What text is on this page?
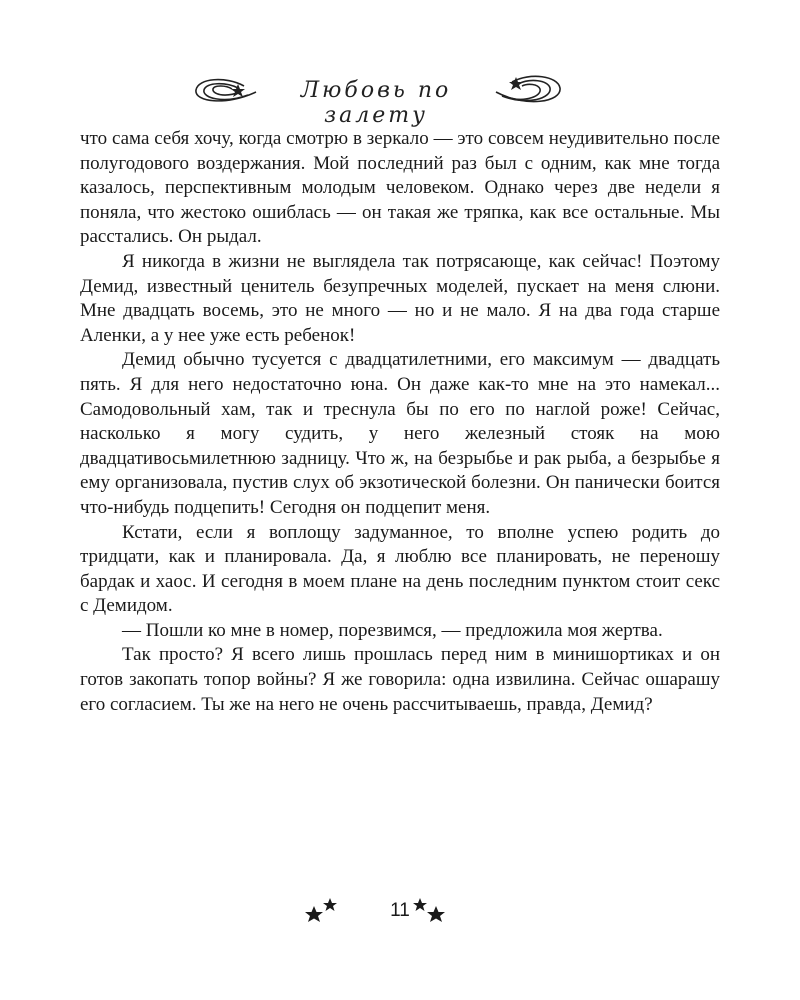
Любовь по залету

что сама себя хочу, когда смотрю в зеркало — это совсем неудивительно после полугодового воздержания. Мой последний раз был с одним, как мне тогда казалось, перспективным молодым человеком. Однако через две недели я поняла, что жестоко ошиблась — он такая же тряпка, как все остальные. Мы расстались. Он рыдал.

Я никогда в жизни не выглядела так потрясающе, как сейчас! Поэтому Демид, известный ценитель безупречных моделей, пускает на меня слюни. Мне двадцать восемь, это не много — но и не мало. Я на два года старше Аленки, а у нее уже есть ребенок!

Демид обычно тусуется с двадцатилетними, его максимум — двадцать пять. Я для него недостаточно юна. Он даже как-то мне на это намекал... Самодовольный хам, так и треснула бы по его по наглой роже! Сейчас, насколько я могу судить, у него железный стояк на мою двадцативосьмилетнюю задницу. Что ж, на безрыбье и рак рыба, а безрыбье я ему организовала, пустив слух об экзотической болезни. Он панически боится что-нибудь подцепить! Сегодня он подцепит меня.

Кстати, если я воплощу задуманное, то вполне успею родить до тридцати, как и планировала. Да, я люблю все планировать, не переношу бардак и хаос. И сегодня в моем плане на день последним пунктом стоит секс с Демидом.

— Пошли ко мне в номер, порезвимся, — предложила моя жертва.

Так просто? Я всего лишь прошлась перед ним в минишортиках и он готов закопать топор войны? Я же говорила: одна извилина. Сейчас ошарашу его согласием. Ты же на него не очень рассчитываешь, правда, Демид?

11
